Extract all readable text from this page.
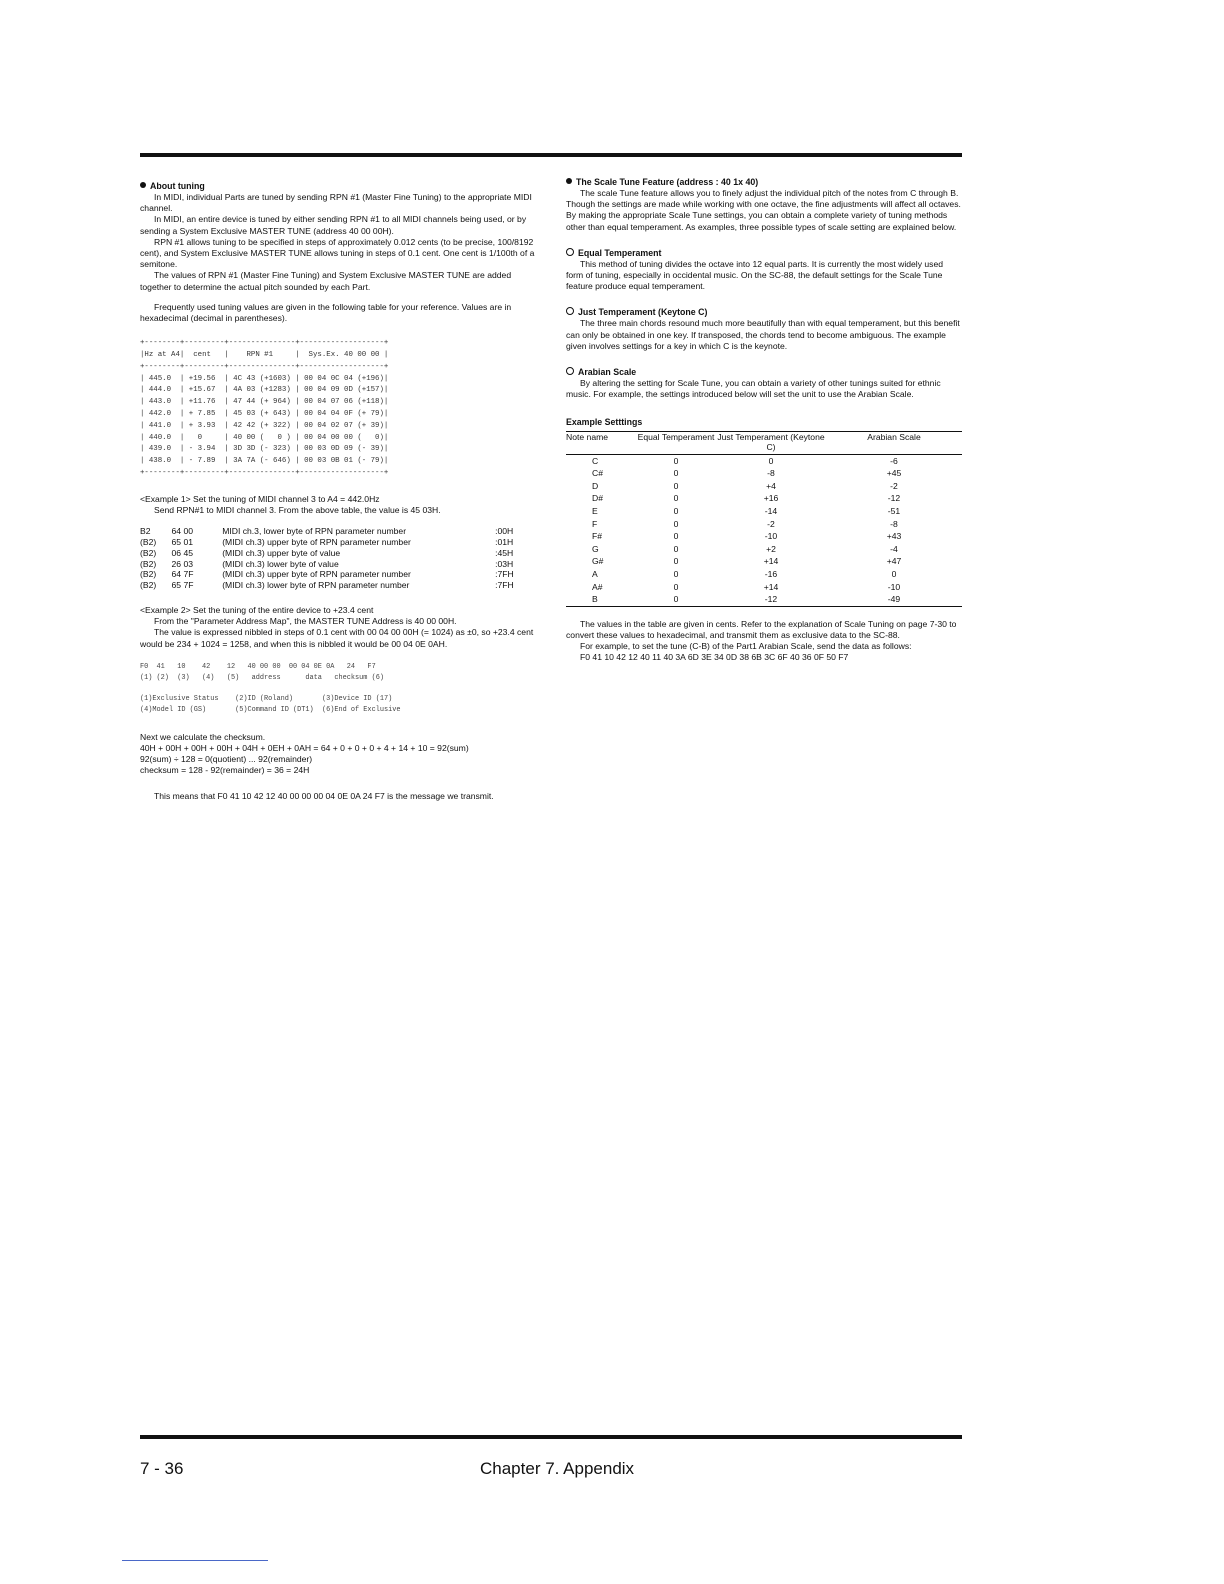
About tuning

In MIDI, individual Parts are tuned by sending RPN #1 (Master Fine Tuning) to the appropriate MIDI channel.

In MIDI, an entire device is tuned by either sending RPN #1 to all MIDI channels being used, or by sending a System Exclusive MASTER TUNE (address 40 00 00H).

RPN #1 allows tuning to be specified in steps of approximately 0.012 cents (to be precise, 100/8192 cent), and System Exclusive MASTER TUNE allows tuning in steps of 0.1 cent. One cent is 1/100th of a semitone.

The values of RPN #1 (Master Fine Tuning) and System Exclusive MASTER TUNE are added together to determine the actual pitch sounded by each Part.

Frequently used tuning values are given in the following table for your reference. Values are in hexadecimal (decimal in parentheses).

+--------+---------+---------------+-------------------+
|Hz at A4|  cent   |    RPN #1     |  Sys.Ex. 40 00 00 |
+--------+---------+---------------+-------------------+
| 445.0  | +19.56  | 4C 43 (+1603) | 00 04 0C 04 (+196)|
| 444.0  | +15.67  | 4A 03 (+1283) | 00 04 09 0D (+157)|
| 443.0  | +11.76  | 47 44 (+ 964) | 00 04 07 06 (+118)|
| 442.0  | + 7.85  | 45 03 (+ 643) | 00 04 04 0F (+ 79)|
| 441.0  | + 3.93  | 42 42 (+ 322) | 00 04 02 07 (+ 39)|
| 440.0  |   0     | 40 00 (   0 ) | 00 04 00 00 (   0)|
| 439.0  | - 3.94  | 3D 3D (- 323) | 00 03 0D 09 (- 39)|
| 438.0  | - 7.89  | 3A 7A (- 646) | 00 03 0B 01 (- 79)|
+--------+---------+---------------+-------------------+

<Example 1> Set the tuning of MIDI channel 3 to A4 = 442.0Hz

Send RPN#1 to MIDI channel 3. From the above table, the value is 45 03H.

B2	64 00	MIDI ch.3, lower byte of RPN parameter number	:00H
(B2)	65 01	(MIDI ch.3) upper byte of RPN parameter number	:01H
(B2)	06 45	(MIDI ch.3) upper byte of value	:45H
(B2)	26 03	(MIDI ch.3) lower byte of value	:03H
(B2)	64 7F	(MIDI ch.3) upper byte of RPN parameter number	:7FH
(B2)	65 7F	(MIDI ch.3) lower byte of RPN parameter number	:7FH

<Example 2> Set the tuning of the entire device to +23.4 cent

From the "Parameter Address Map", the MASTER TUNE Address is 40 00 00H.

The value is expressed nibbled in steps of 0.1 cent with 00 04 00 00H (= 1024) as ±0, so +23.4 cent would be 234 + 1024 = 1258, and when this is nibbled it would be 00 04 0E 0AH.

F0  41   10    42    12   40 00 00  00 04 0E 0A   24   F7
(1) (2)  (3)   (4)   (5)   address      data   checksum (6)
(1)Exclusive Status    (2)ID (Roland)       (3)Device ID (17)
(4)Model ID (GS)       (5)Command ID (DT1)  (6)End of Exclusive

Next we calculate the checksum.

40H + 00H + 00H + 00H + 04H + 0EH + 0AH = 64 + 0 + 0 + 0 + 4 + 14 + 10 = 92(sum)

92(sum) ÷ 128 = 0(quotient) ... 92(remainder)

checksum = 128 - 92(remainder) = 36 = 24H

This means that F0 41 10 42 12 40 00 00 00 04 0E 0A 24 F7 is the message we transmit.

The Scale Tune Feature (address : 40 1x 40)

The scale Tune feature allows you to finely adjust the individual pitch of the notes from C through B. Though the settings are made while working with one octave, the fine adjustments will affect all octaves. By making the appropriate Scale Tune settings, you can obtain a complete variety of tuning methods other than equal temperament. As examples, three possible types of scale setting are explained below.

Equal Temperament

This method of tuning divides the octave into 12 equal parts. It is currently the most widely used form of tuning, especially in occidental music. On the SC-88, the default settings for the Scale Tune feature produce equal temperament.

Just Temperament (Keytone C)

The three main chords resound much more beautifully than with equal temperament, but this benefit can only be obtained in one key. If transposed, the chords tend to become ambiguous. The example given involves settings for a key in which C is the keynote.

Arabian Scale

By altering the setting for Scale Tune, you can obtain a variety of other tunings suited for ethnic music. For example, the settings introduced below will set the unit to use the Arabian Scale.

Example Setttings

Note name	Equal Temperament	Just Temperament (Keytone C)	Arabian Scale
C	0	0	-6
C#	0	-8	+45
D	0	+4	-2
D#	0	+16	-12
E	0	-14	-51
F	0	-2	-8
F#	0	-10	+43
G	0	+2	-4
G#	0	+14	+47
A	0	-16	0
A#	0	+14	-10
B	0	-12	-49

The values in the table are given in cents. Refer to the explanation of Scale Tuning on page 7-30 to convert these values to hexadecimal, and transmit them as exclusive data to the SC-88.

For example, to set the tune (C-B) of the Part1 Arabian Scale, send the data as follows:

F0 41 10 42 12 40 11 40 3A 6D 3E 34 0D 38 6B 3C 6F 40 36 0F 50 F7

7 - 36	Chapter 7. Appendix
